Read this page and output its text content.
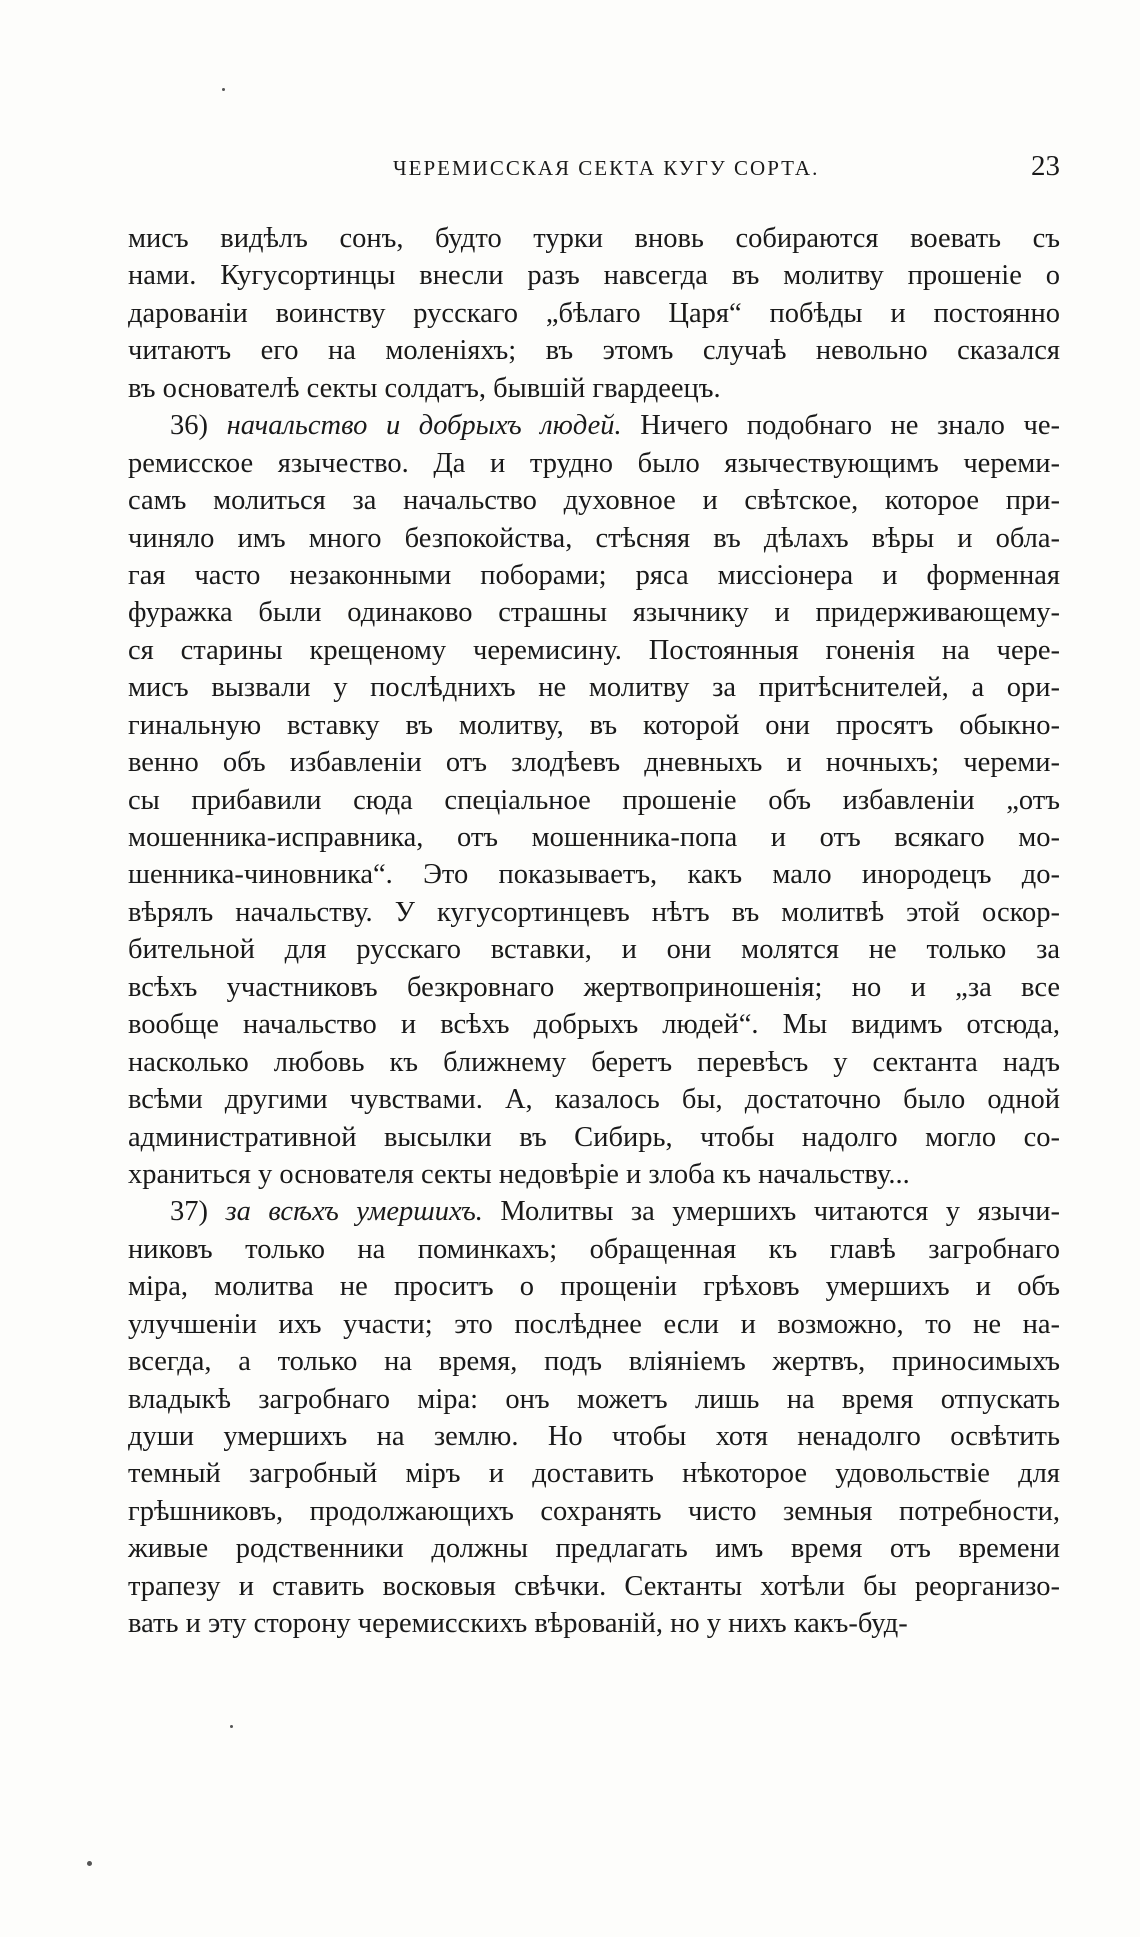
ЧЕРЕМИССКАЯ СЕКТА КУГУ СОРТА.	23
мисъ видѣлъ сонъ, будто турки вновь собираются воевать съ
нами. Кугусортинцы внесли разъ навсегда въ молитву прошеніе о
дарованіи воинству русскаго „бѣлаго Царя“ побѣды и постоянно
читаютъ его на моленіяхъ; въ этомъ случаѣ невольно сказался
въ основателѣ секты солдатъ, бывшій гвардеецъ.
36) начальство и добрыхъ людей. Ничего подобнаго не знало че-
ремисское язычество. Да и трудно было язычествующимъ череми-
самъ молиться за начальство духовное и свѣтское, которое при-
чиняло имъ много безпокойства, стѣсняя въ дѣлахъ вѣры и обла-
гая часто незаконными поборами; ряса миссіонера и форменная
фуражка были одинаково страшны язычнику и придерживающему-
ся старины крещеному черемисину. Постоянныя гоненія на чере-
мисъ вызвали у послѣднихъ не молитву за притѣснителей, а ори-
гинальную вставку въ молитву, въ которой они просятъ обыкно-
венно объ избавленіи отъ злодѣевъ дневныхъ и ночныхъ; череми-
сы прибавили сюда спеціальное прошеніе объ избавленіи „отъ
мошенника-исправника, отъ мошенника-попа и отъ всякаго мо-
шенника-чиновника“. Это показываетъ, какъ мало инородецъ до-
вѣрялъ начальству. У кугусортинцевъ нѣтъ въ молитвѣ этой оскор-
бительной для русскаго вставки, и они молятся не только за
всѣхъ участниковъ безкровнаго жертвоприношенія; но и „за все
вообще начальство и всѣхъ добрыхъ людей“. Мы видимъ отсюда,
насколько любовь къ ближнему беретъ перевѣсъ у сектанта надъ
всѣми другими чувствами. А, казалось бы, достаточно было одной
административной высылки въ Сибирь, чтобы надолго могло со-
храниться у основателя секты недовѣріе и злоба къ начальству...
37) за всѣхъ умершихъ. Молитвы за умершихъ читаются у язычи-
никовъ только на поминкахъ; обращенная къ главѣ загробнаго
міра, молитва не проситъ о прощеніи грѣховъ умершихъ и объ
улучшеніи ихъ участи; это послѣднее если и возможно, то не на-
всегда, а только на время, подъ вліяніемъ жертвъ, приносимыхъ
владыкѣ загробнаго міра: онъ можетъ лишь на время отпускать
души умершихъ на землю. Но чтобы хотя ненадолго освѣтить
темный загробный міръ и доставить нѣкоторое удовольствіе для
грѣшниковъ, продолжающихъ сохранять чисто земныя потребности,
живые родственники должны предлагать имъ время отъ времени
трапезу и ставить восковыя свѣчки. Сектанты хотѣли бы реорганизо-
вать и эту сторону черемисскихъ вѣрованій, но у нихъ какъ-буд-
